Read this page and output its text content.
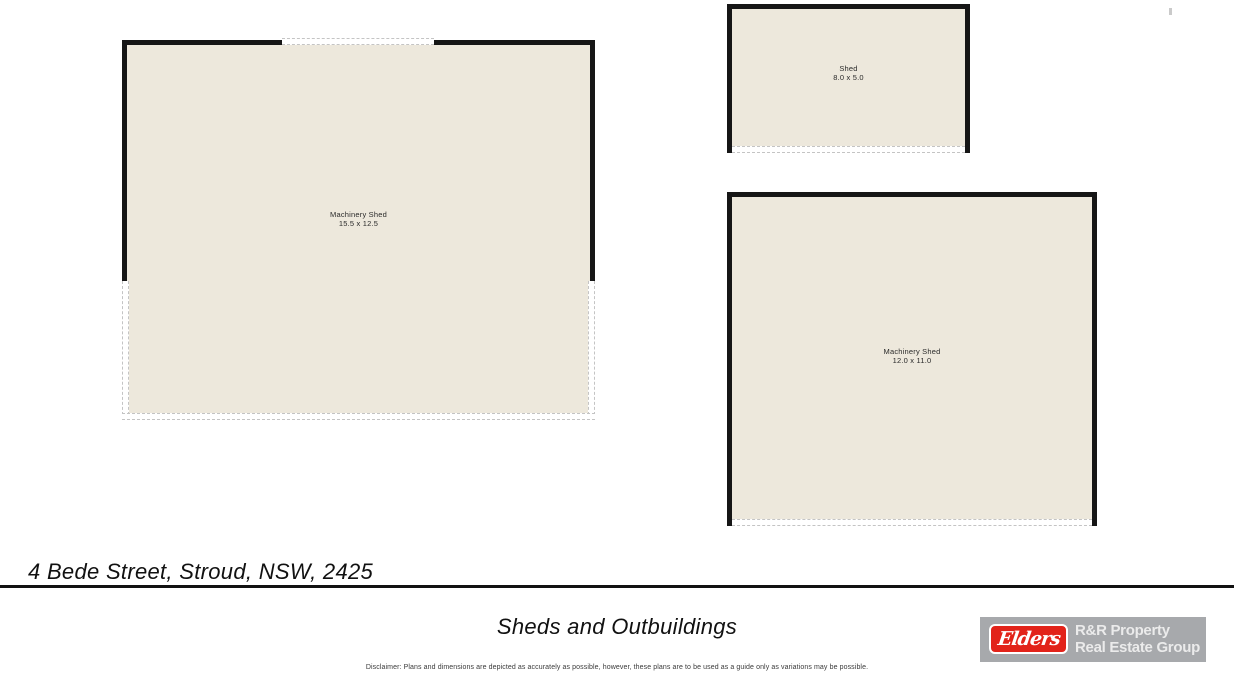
Machinery Shed
15.5 x 12.5
Shed
8.0 x 5.0
Machinery Shed
12.0 x 11.0
4 Bede Street, Stroud, NSW, 2425
Sheds and Outbuildings
Disclaimer: Plans and dimensions are depicted as accurately as possible, however, these plans are to be used as a guide only as variations may be possible.
Elders R&R Property
Real Estate Group
